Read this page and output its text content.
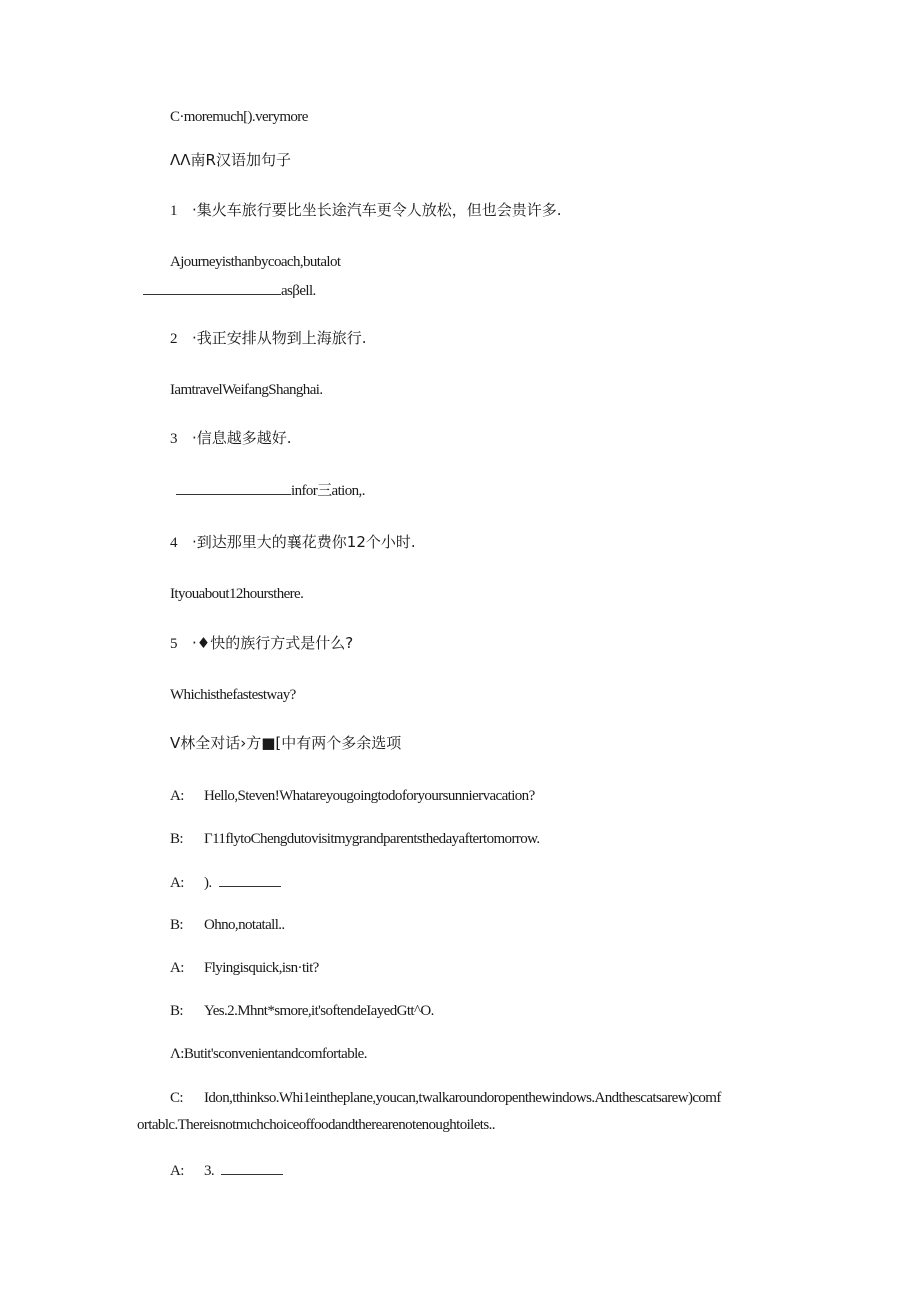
C·moremuch[).verymore
ΛΛ南R汉语加句子
1 ·集火车旅行要比坐长途汽车更令人放松，但也会贵许多.
Ajourneyisthanbycoach,butalot
asβell.
2 ·我正安排从物到上海旅行.
IamtravelWeifangShanghai.
3 ·信息越多越好.
infor三ation,.
4 ·到达那里大的襄花费你12个小时.
Ityouabout12hoursthere.
5 ·♦快的族行方式是什么?
Whichisthefastestway?
V林全对话›方■[中有两个多余选项
A: Hello,Steven!Whatareyougoingtodoforyoursunniervacation?
B: Γ11flytoChengdutovisitmygrandparentsthedayaftertomorrow.
A: ).
B: Ohno,notatall..
A: Flyingisquick,isn·tit?
B: Yes.2.Mhnt*smore,it'softendeIayedGtt^O.
Λ:Butit'sconvenientandcomfortable.
C: Idon,tthinkso.Whi1eintheplane,youcan,twalkaroundoropenthewindows.Andthescatsarew)comf
ortablc.Thereisnotmιchchoiceoffoodandtherearenotenoughtoilets..
A: 3.
